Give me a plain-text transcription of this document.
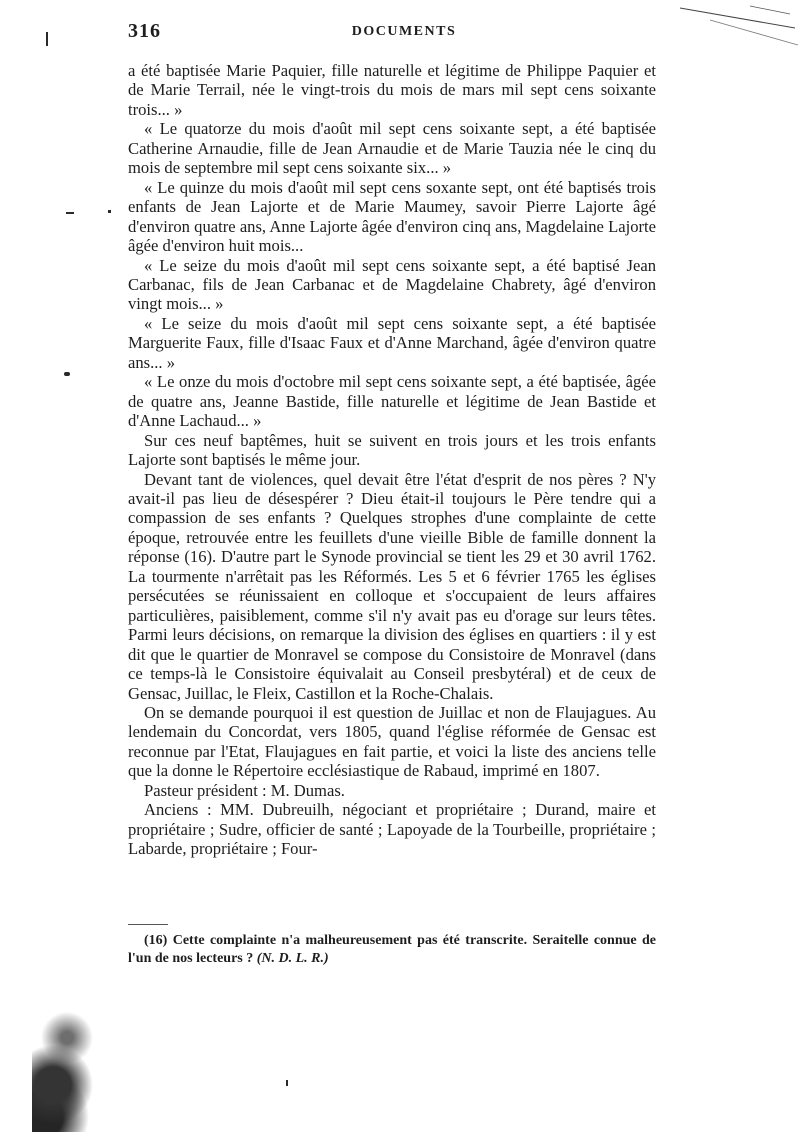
316	DOCUMENTS

a été baptisée Marie Paquier, fille naturelle et légitime de Philippe Paquier et de Marie Terrail, née le vingt-trois du mois de mars mil sept cens soixante trois... »

« Le quatorze du mois d'août mil sept cens soixante sept, a été baptisée Catherine Arnaudie, fille de Jean Arnaudie et de Marie Tauzia née le cinq du mois de septembre mil sept cens soixante six... »

« Le quinze du mois d'août mil sept cens soxante sept, ont été baptisés trois enfants de Jean Lajorte et de Marie Maumey, savoir Pierre Lajorte âgé d'environ quatre ans, Anne Lajorte âgée d'environ cinq ans, Magdelaine Lajorte âgée d'environ huit mois...

« Le seize du mois d'août mil sept cens soixante sept, a été baptisé Jean Carbanac, fils de Jean Carbanac et de Magdelaine Chabrety, âgé d'environ vingt mois... »

« Le seize du mois d'août mil sept cens soixante sept, a été baptisée Marguerite Faux, fille d'Isaac Faux et d'Anne Marchand, âgée d'environ quatre ans... »

« Le onze du mois d'octobre mil sept cens soixante sept, a été baptisée, âgée de quatre ans, Jeanne Bastide, fille naturelle et légitime de Jean Bastide et d'Anne Lachaud... »

Sur ces neuf baptêmes, huit se suivent en trois jours et les trois enfants Lajorte sont baptisés le même jour.

Devant tant de violences, quel devait être l'état d'esprit de nos pères ? N'y avait-il pas lieu de désespérer ? Dieu était-il toujours le Père tendre qui a compassion de ses enfants ? Quelques strophes d'une complainte de cette époque, retrouvée entre les feuillets d'une vieille Bible de famille donnent la réponse (16). D'autre part le Synode provincial se tient les 29 et 30 avril 1762. La tourmente n'arrêtait pas les Réformés. Les 5 et 6 février 1765 les églises persécutées se réunissaient en colloque et s'occupaient de leurs affaires particulières, paisiblement, comme s'il n'y avait pas eu d'orage sur leurs têtes. Parmi leurs décisions, on remarque la division des églises en quartiers : il y est dit que le quartier de Monravel se compose du Consistoire de Monravel (dans ce temps-là le Consistoire équivalait au Conseil presbytéral) et de ceux de Gensac, Juillac, le Fleix, Castillon et la Roche-Chalais.

On se demande pourquoi il est question de Juillac et non de Flaujagues. Au lendemain du Concordat, vers 1805, quand l'église réformée de Gensac est reconnue par l'Etat, Flaujagues en fait partie, et voici la liste des anciens telle que la donne le Répertoire ecclésiastique de Rabaud, imprimé en 1807.

Pasteur président : M. Dumas.

Anciens : MM. Dubreuilh, négociant et propriétaire ; Durand, maire et propriétaire ; Sudre, officier de santé ; Lapoyade de la Tourbeille, propriétaire ; Labarde, propriétaire ; Four-

(16) Cette complainte n'a malheureusement pas été transcrite. Seraitelle connue de l'un de nos lecteurs ? (N. D. L. R.)
